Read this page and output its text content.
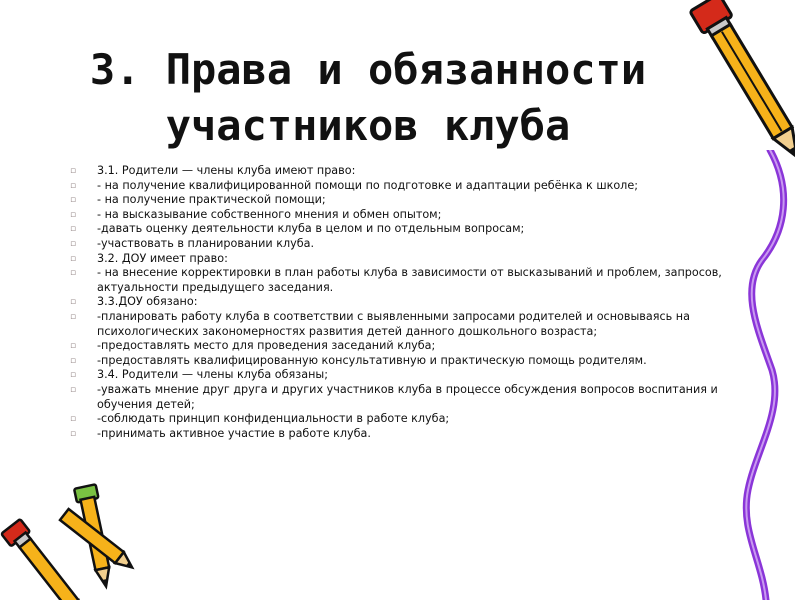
3. Права и обязанности
участников клуба
▫ 3.1. Родители — члены клуба имеют право:
▫ - на получение квалифицированной помощи по подготовке и адаптации ребёнка к школе;
▫ - на получение практической помощи;
▫ - на высказывание собственного мнения и обмен опытом;
▫ -давать оценку деятельности клуба в целом и по отдельным вопросам;
▫ -участвовать в планировании клуба.
▫ 3.2. ДОУ имеет право:
▫ - на внесение корректировки в план работы клуба в зависимости от высказываний и проблем, запросов, актуальности предыдущего заседания.
▫ 3.3.ДОУ обязано:
▫ -планировать работу клуба в соответствии с выявленными запросами родителей и основываясь на психологических закономерностях развития детей данного дошкольного возраста;
▫ -предоставлять место для проведения заседаний клуба;
▫ -предоставлять квалифицированную консультативную и практическую помощь родителям.
▫ 3.4. Родители — члены клуба обязаны;
▫ -уважать мнение друг друга и других участников клуба в процессе обсуждения вопросов воспитания и обучения детей;
▫ -соблюдать принцип конфиденциальности в работе клуба;
▫ -принимать активное участие в работе клуба.
